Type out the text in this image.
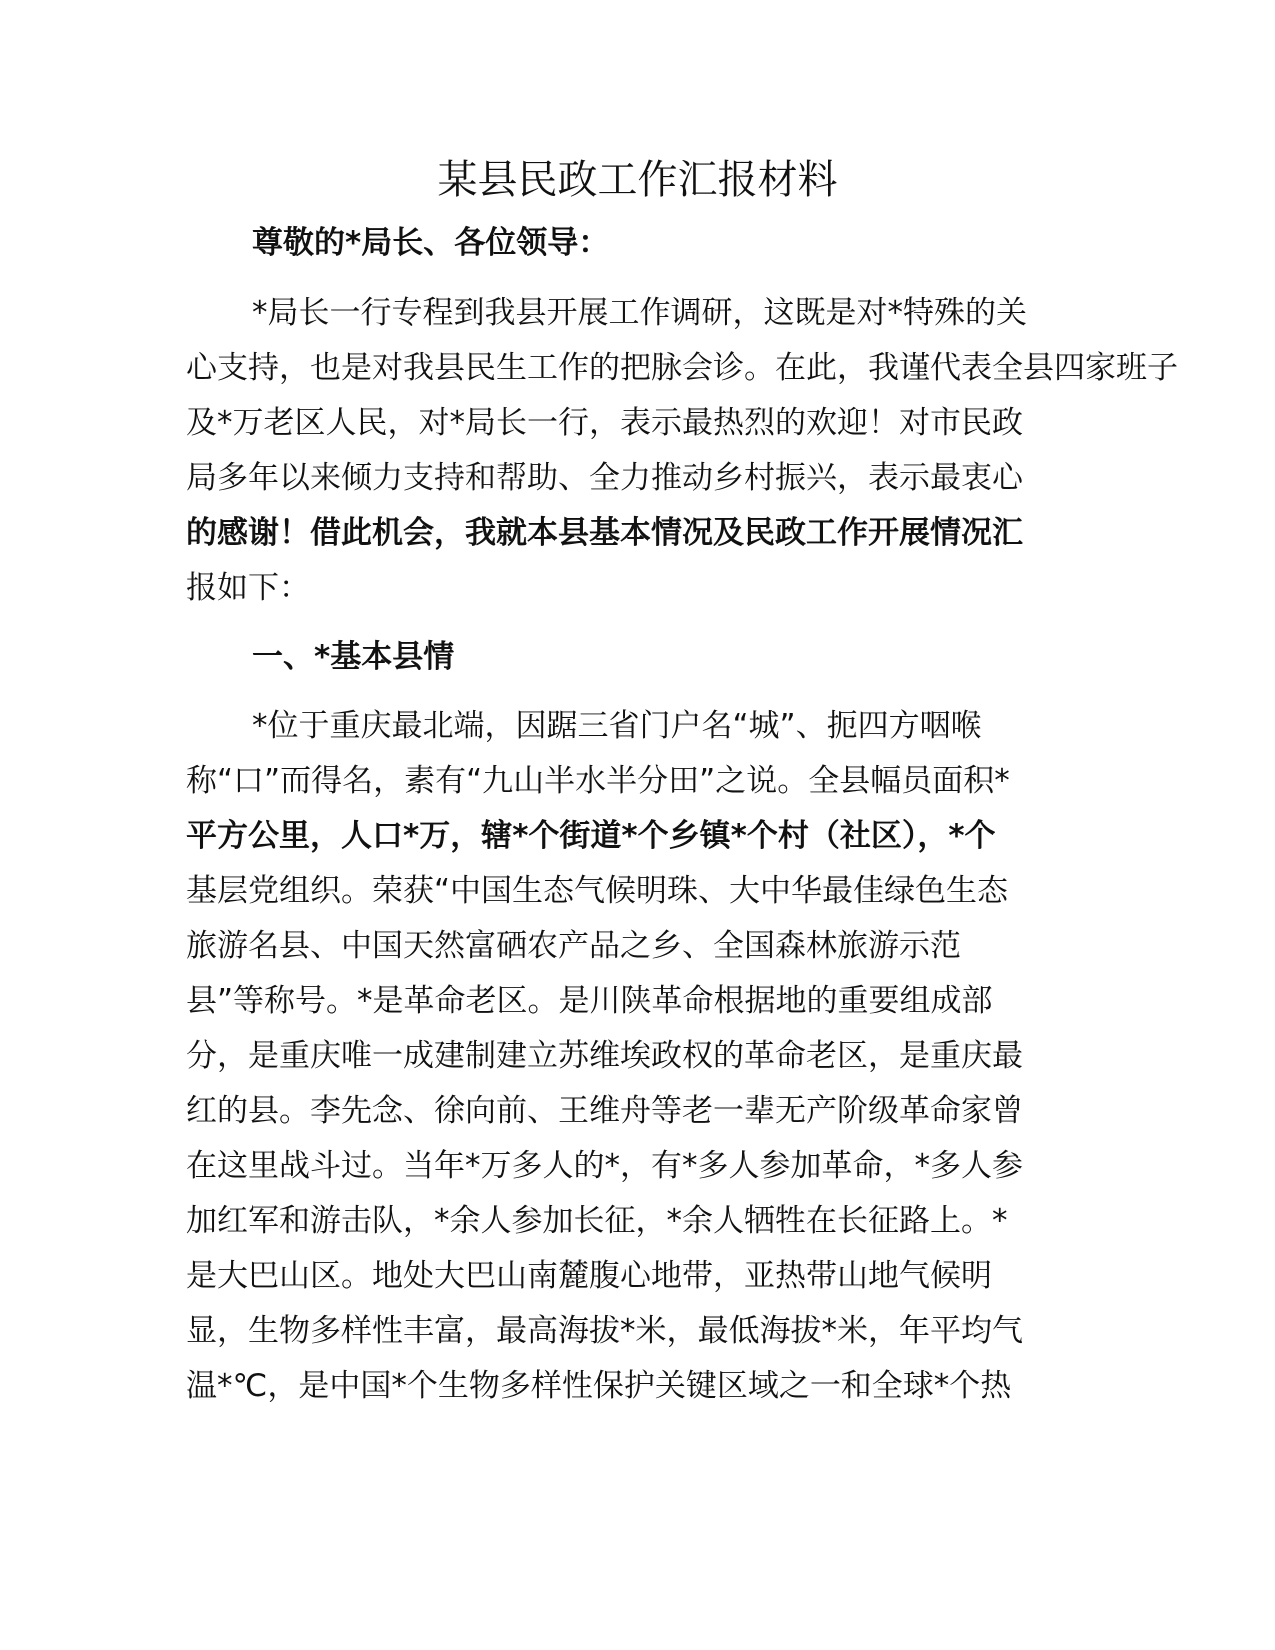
某县民政工作汇报材料
尊敬的*局长、各位领导：
*局长一行专程到我县开展工作调研，这既是对*特殊的关
心支持，也是对我县民生工作的把脉会诊。在此，我谨代表全县四家班子
及*万老区人民，对*局长一行，表示最热烈的欢迎！对市民政
局多年以来倾力支持和帮助、全力推动乡村振兴，表示最衷心
的感谢！借此机会，我就本县基本情况及民政工作开展情况汇
报如下：
一、*基本县情
*位于重庆最北端，因踞三省门户名“城”、扼四方咽喉
称“口”而得名，素有“九山半水半分田”之说。全县幅员面积*
平方公里，人口*万，辖*个街道*个乡镇*个村（社区），*个
基层党组织。荣获“中国生态气候明珠、大中华最佳绿色生态
旅游名县、中国天然富硒农产品之乡、全国森林旅游示范
县”等称号。*是革命老区。是川陕革命根据地的重要组成部
分，是重庆唯一成建制建立苏维埃政权的革命老区，是重庆最
红的县。李先念、徐向前、王维舟等老一辈无产阶级革命家曾
在这里战斗过。当年*万多人的*，有*多人参加革命，*多人参
加红军和游击队，*余人参加长征，*余人牺牲在长征路上。*
是大巴山区。地处大巴山南麓腹心地带，亚热带山地气候明
显，生物多样性丰富，最高海拔*米，最低海拔*米，年平均气
温*℃，是中国*个生物多样性保护关键区域之一和全球*个热
